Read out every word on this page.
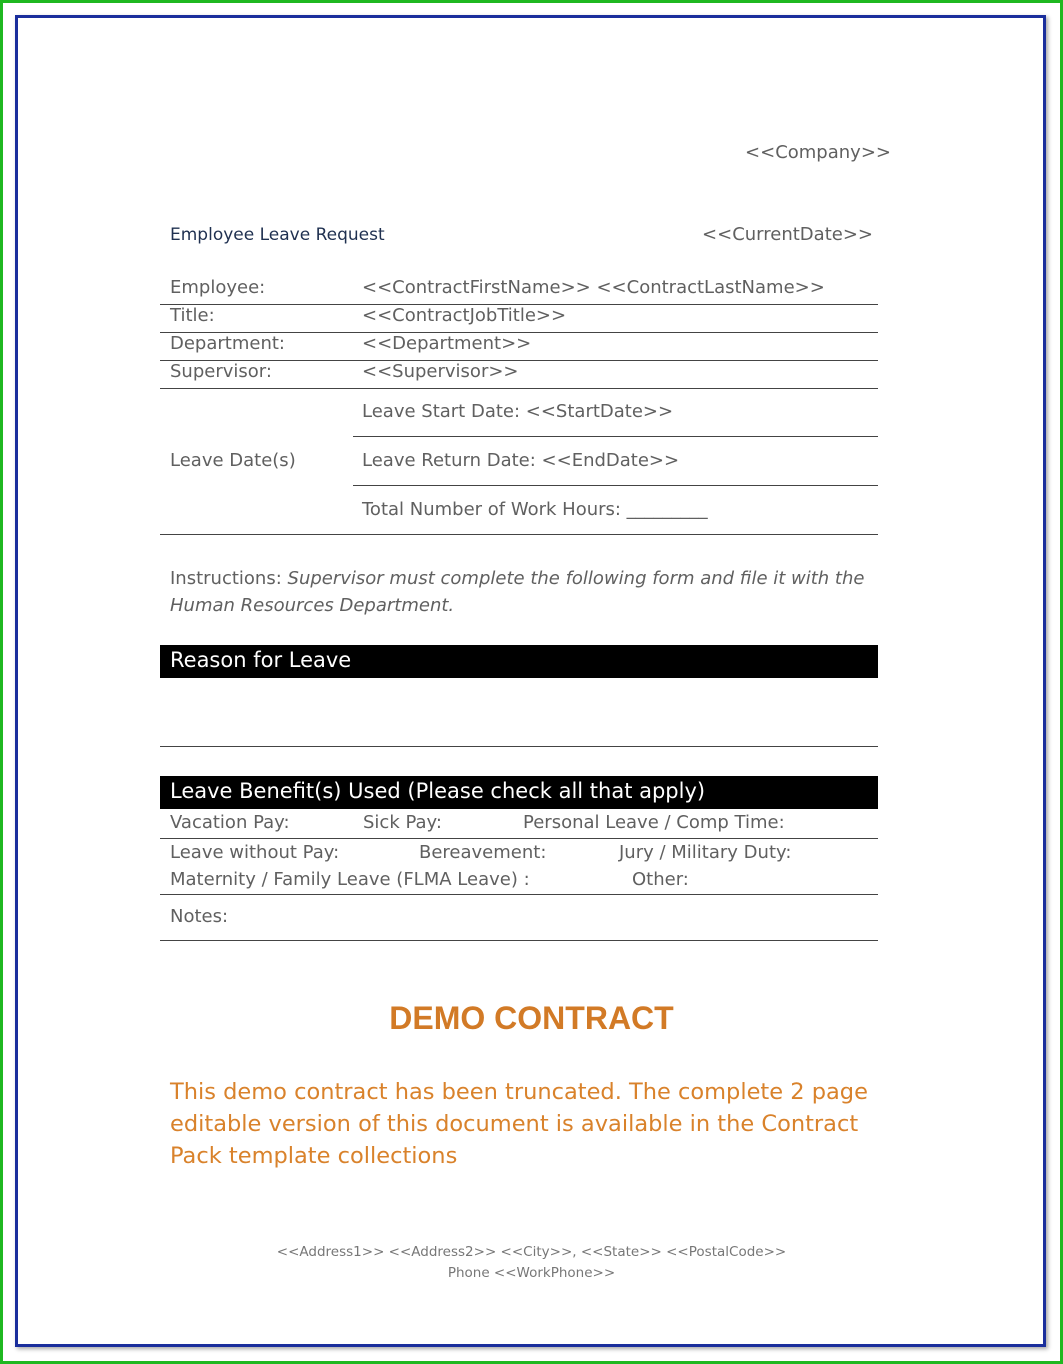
<<Company>>
Employee Leave Request	<<CurrentDate>>
Employee:	<<ContractFirstName>> <<ContractLastName>>
Title:	<<ContractJobTitle>>
Department:	<<Department>>
Supervisor:	<<Supervisor>>
Leave Date(s)
Leave Start Date: <<StartDate>>
Leave Return Date: <<EndDate>>
Total Number of Work Hours: _________
Instructions: Supervisor must complete the following form and file it with the Human Resources Department.
Reason for Leave
Leave Benefit(s) Used (Please check all that apply)
Vacation Pay:	Sick Pay:	Personal Leave / Comp Time:
Leave without Pay:	Bereavement:	Jury / Military Duty:
Maternity / Family Leave (FLMA Leave) :	Other:
Notes:
DEMO CONTRACT
This demo contract has been truncated. The complete 2 page editable version of this document is available in the Contract Pack template collections
<<Address1>> <<Address2>> <<City>>, <<State>> <<PostalCode>>
Phone <<WorkPhone>>
